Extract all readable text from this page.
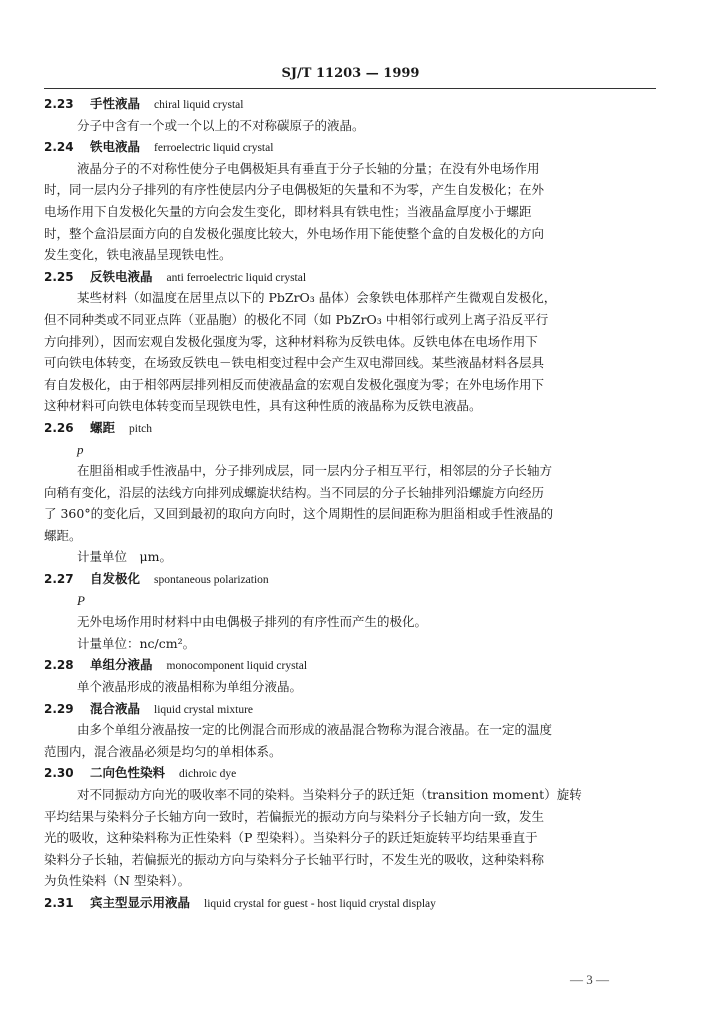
SJ/T 11203 — 1999
2.23 手性液晶 chiral liquid crystal
分子中含有一个或一个以上的不对称碳原子的液晶。
2.24 铁电液晶 ferroelectric liquid crystal
液晶分子的不对称性使分子电偶极矩具有垂直于分子长轴的分量；在没有外电场作用
时，同一层内分子排列的有序性使层内分子电偶极矩的矢量和不为零，产生自发极化；在外
电场作用下自发极化矢量的方向会发生变化，即材料具有铁电性；当液晶盒厚度小于螺距
时，整个盒沿层面方向的自发极化强度比较大，外电场作用下能使整个盒的自发极化的方向
发生变化，铁电液晶呈现铁电性。
2.25 反铁电液晶 anti ferroelectric liquid crystal
某些材料（如温度在居里点以下的 PbZrO₃ 晶体）会象铁电体那样产生微观自发极化，
但不同种类或不同亚点阵（亚晶胞）的极化不同（如 PbZrO₃ 中相邻行或列上离子沿反平行
方向排列），因而宏观自发极化强度为零，这种材料称为反铁电体。反铁电体在电场作用下
可向铁电体转变，在场致反铁电－铁电相变过程中会产生双电滞回线。某些液晶材料各层具
有自发极化，由于相邻两层排列相反而使液晶盒的宏观自发极化强度为零；在外电场作用下
这种材料可向铁电体转变而呈现铁电性，具有这种性质的液晶称为反铁电液晶。
2.26 螺距 pitch
p
在胆甾相或手性液晶中，分子排列成层，同一层内分子相互平行，相邻层的分子长轴方
向稍有变化，沿层的法线方向排列成螺旋状结构。当不同层的分子长轴排列沿螺旋方向经历
了 360°的变化后，又回到最初的取向方向时，这个周期性的层间距称为胆甾相或手性液晶的
螺距。
计量单位　μm。
2.27 自发极化 spontaneous polarization
P⃗
无外电场作用时材料中由电偶极子排列的有序性而产生的极化。
计量单位：nc/cm²。
2.28 单组分液晶 monocomponent liquid crystal
单个液晶形成的液晶相称为单组分液晶。
2.29 混合液晶 liquid crystal mixture
由多个单组分液晶按一定的比例混合而形成的液晶混合物称为混合液晶。在一定的温度
范围内，混合液晶必须是均匀的单相体系。
2.30 二向色性染料 dichroic dye
对不同振动方向光的吸收率不同的染料。当染料分子的跃迁矩（transition moment）旋转
平均结果与染料分子长轴方向一致时，若偏振光的振动方向与染料分子长轴方向一致，发生
光的吸收，这种染料称为正性染料（P 型染料）。当染料分子的跃迁矩旋转平均结果垂直于
染料分子长轴，若偏振光的振动方向与染料分子长轴平行时，不发生光的吸收，这种染料称
为负性染料（N 型染料）。
2.31 宾主型显示用液晶 liquid crystal for guest - host liquid crystal display
— 3 —
